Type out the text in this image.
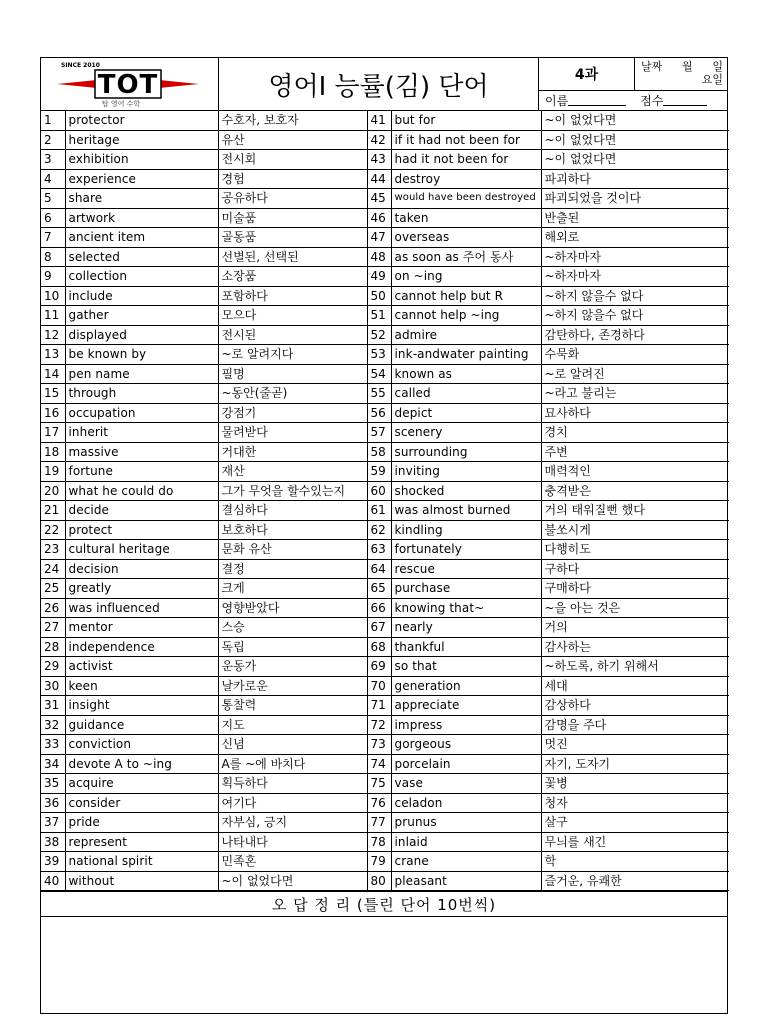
SINCE 2010
TOT
탑 영어 수학
영어I 능률(김) 단어	4과
날짜 월 일
요일
이름	점수
1	protector	수호자, 보호자	41	but for	~이 없었다면
2	heritage	유산	42	if it had not been for	~이 없었다면
3	exhibition	전시회	43	had it not been for	~이 없었다면
4	experience	경험	44	destroy	파괴하다
5	share	공유하다	45	would have been destroyed	파괴되었을 것이다
6	artwork	미술품	46	taken	반출된
7	ancient item	골동품	47	overseas	해외로
8	selected	선별된, 선택된	48	as soon as 주어 동사	~하자마자
9	collection	소장품	49	on ~ing	~하자마자
10	include	포함하다	50	cannot help but R	~하지 않을수 없다
11	gather	모으다	51	cannot help ~ing	~하지 않을수 없다
12	displayed	전시된	52	admire	감탄하다, 존경하다
13	be known by	~로 알려지다	53	ink-andwater painting	수묵화
14	pen name	필명	54	known as	~로 알려진
15	through	~동안(줄곧)	55	called	~라고 불리는
16	occupation	강점기	56	depict	묘사하다
17	inherit	물려받다	57	scenery	경치
18	massive	거대한	58	surrounding	주변
19	fortune	재산	59	inviting	매력적인
20	what he could do	그가 무엇을 할수있는지	60	shocked	충격받은
21	decide	결심하다	61	was almost burned	거의 태워질뻔 했다
22	protect	보호하다	62	kindling	불쏘시게
23	cultural heritage	문화 유산	63	fortunately	다행히도
24	decision	결정	64	rescue	구하다
25	greatly	크게	65	purchase	구매하다
26	was influenced	영향받았다	66	knowing that~	~을 아는 것은
27	mentor	스승	67	nearly	거의
28	independence	독립	68	thankful	감사하는
29	activist	운동가	69	so that	~하도록, 하기 위해서
30	keen	날카로운	70	generation	세대
31	insight	통찰력	71	appreciate	감상하다
32	guidance	지도	72	impress	감명을 주다
33	conviction	신념	73	gorgeous	멋진
34	devote A to ~ing	A를 ~에 바치다	74	porcelain	자기, 도자기
35	acquire	획득하다	75	vase	꽃병
36	consider	여기다	76	celadon	청자
37	pride	자부심, 긍지	77	prunus	살구
38	represent	나타내다	78	inlaid	무늬를 새긴
39	national spirit	민족혼	79	crane	학
40	without	~이 없었다면	80	pleasant	즐거운, 유쾌한
오 답 정 리 (틀린 단어 10번씩)
